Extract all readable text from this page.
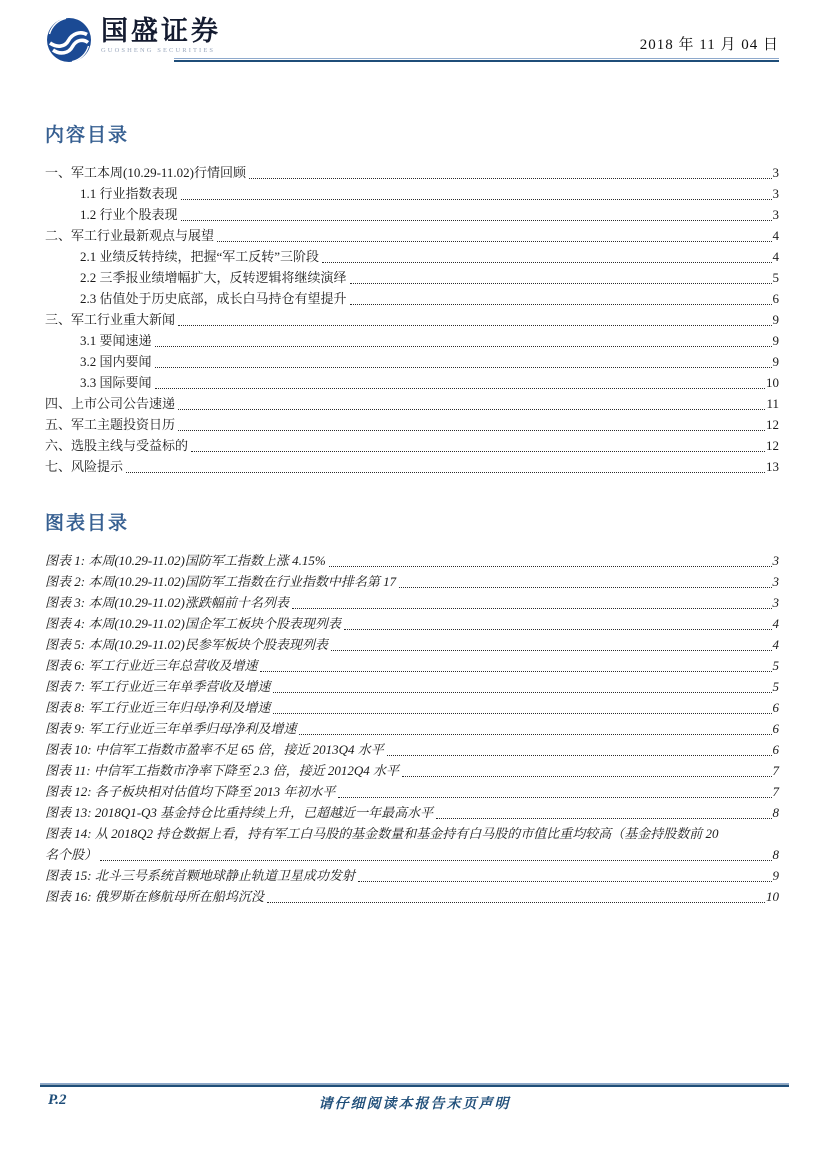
国盛证券
GUOSHENG SECURITIES	2018 年 11 月 04 日
内容目录
一、军工本周(10.29-11.02)行情回顾	3
1.1 行业指数表现	3
1.2 行业个股表现	3
二、军工行业最新观点与展望	4
2.1 业绩反转持续，把握“军工反转”三阶段	4
2.2 三季报业绩增幅扩大，反转逻辑将继续演绎	5
2.3 估值处于历史底部，成长白马持仓有望提升	6
三、军工行业重大新闻	9
3.1 要闻速递	9
3.2 国内要闻	9
3.3 国际要闻	10
四、上市公司公告速递	11
五、军工主题投资日历	12
六、选股主线与受益标的	12
七、风险提示	13
图表目录
图表 1: 本周(10.29-11.02)国防军工指数上涨 4.15%	3
图表 2: 本周(10.29-11.02)国防军工指数在行业指数中排名第 17	3
图表 3: 本周(10.29-11.02)涨跌幅前十名列表	3
图表 4: 本周(10.29-11.02)国企军工板块个股表现列表	4
图表 5: 本周(10.29-11.02)民参军板块个股表现列表	4
图表 6: 军工行业近三年总营收及增速	5
图表 7: 军工行业近三年单季营收及增速	5
图表 8: 军工行业近三年归母净利及增速	6
图表 9: 军工行业近三年单季归母净利及增速	6
图表 10: 中信军工指数市盈率不足 65 倍，接近 2013Q4 水平	6
图表 11: 中信军工指数市净率下降至 2.3 倍，接近 2012Q4 水平	7
图表 12: 各子板块相对估值均下降至 2013 年初水平	7
图表 13: 2018Q1-Q3 基金持仓比重持续上升，已超越近一年最高水平	8
图表 14: 从 2018Q2 持仓数据上看，持有军工白马股的基金数量和基金持有白马股的市值比重均较高（基金持股数前 20
名个股）	8
图表 15: 北斗三号系统首颗地球静止轨道卫星成功发射	9
图表 16: 俄罗斯在修航母所在船坞沉没	10
P.2	请仔细阅读本报告末页声明
